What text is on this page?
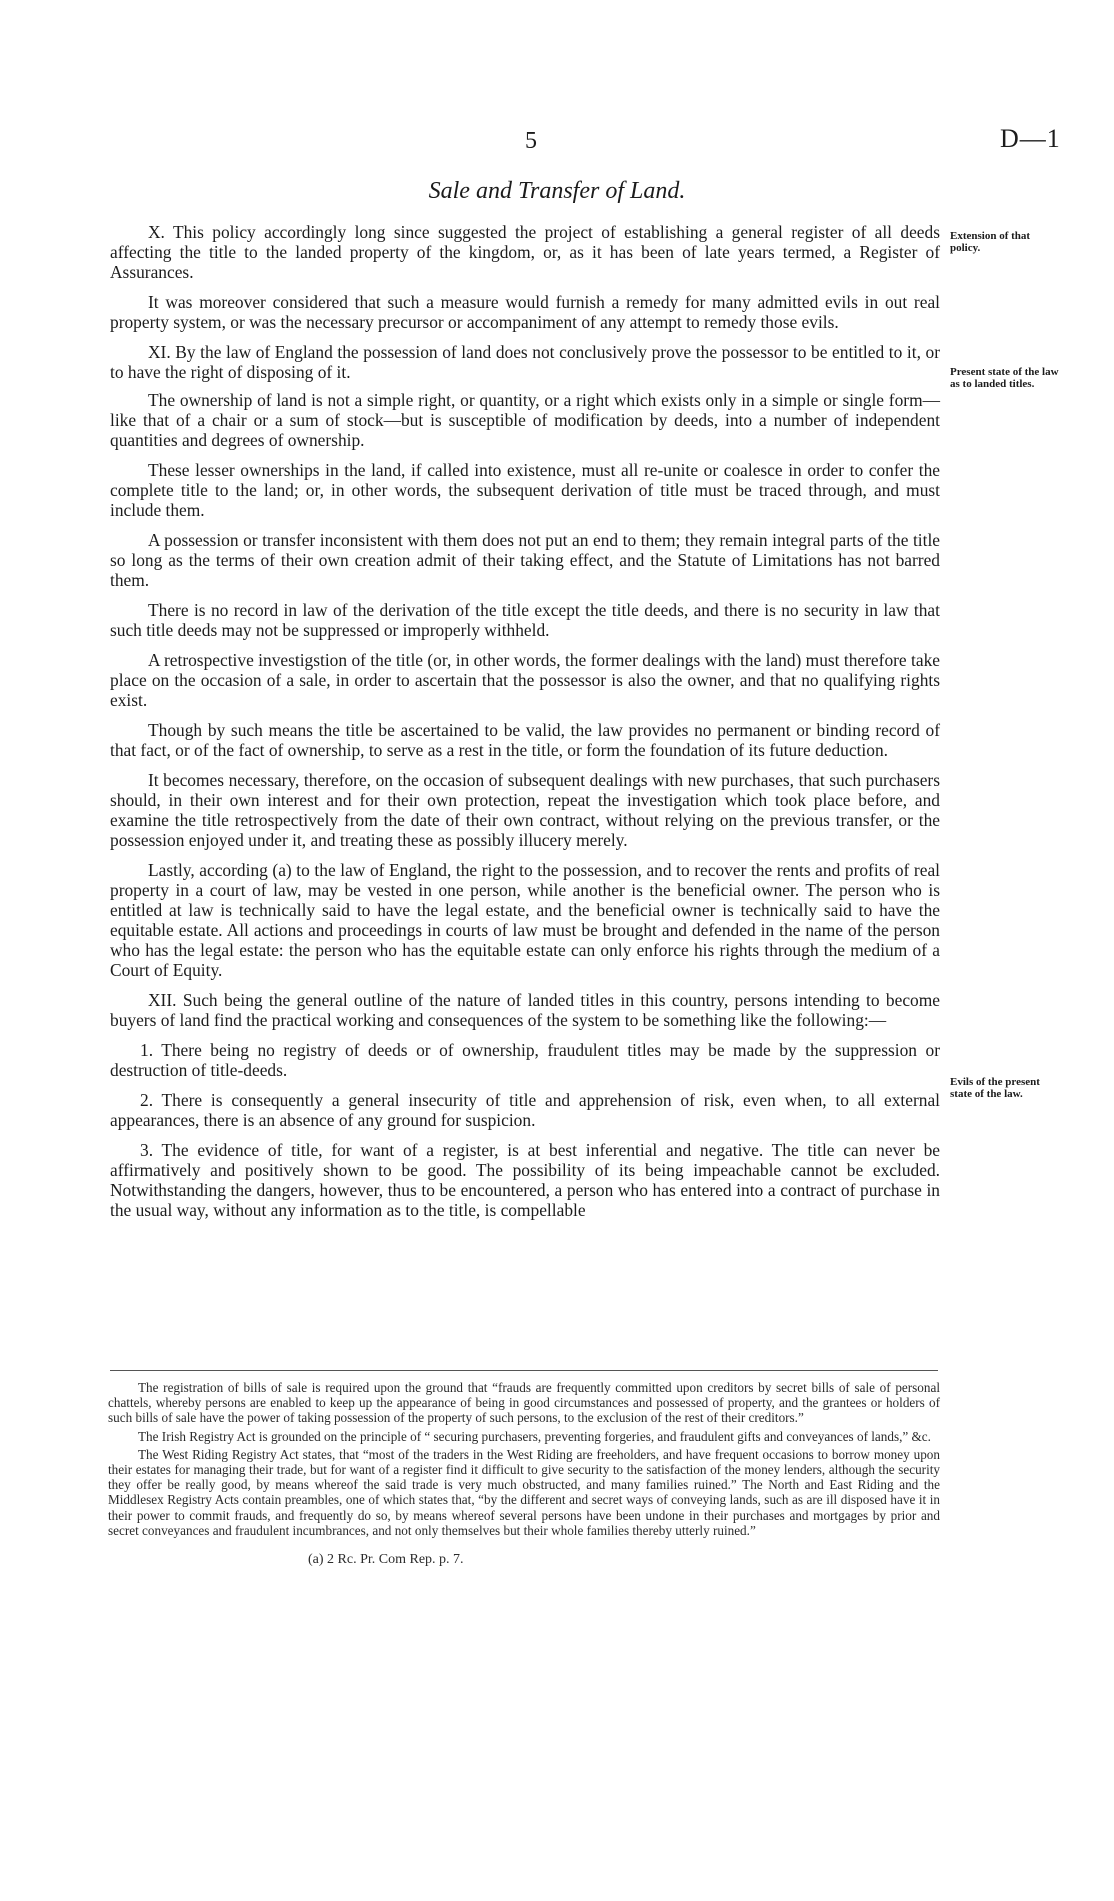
5	D—1
Sale and Transfer of Land.
Extension of that policy.
Present state of the law as to landed titles.
Evils of the present state of the law.

X. This policy accordingly long since suggested the project of establishing a general register of all deeds affecting the title to the landed property of the kingdom, or, as it has been of late years termed, a Register of Assurances.

It was moreover considered that such a measure would furnish a remedy for many admitted evils in out real property system, or was the necessary precursor or accompaniment of any attempt to remedy those evils.

XI. By the law of England the possession of land does not conclusively prove the possessor to be entitled to it, or to have the right of disposing of it.

The ownership of land is not a simple right, or quantity, or a right which exists only in a simple or single form—like that of a chair or a sum of stock—but is susceptible of modification by deeds, into a number of independent quantities and degrees of ownership.

These lesser ownerships in the land, if called into existence, must all re-unite or coalesce in order to confer the complete title to the land; or, in other words, the subsequent derivation of title must be traced through, and must include them.

A possession or transfer inconsistent with them does not put an end to them; they remain integral parts of the title so long as the terms of their own creation admit of their taking effect, and the Statute of Limitations has not barred them.

There is no record in law of the derivation of the title except the title deeds, and there is no security in law that such title deeds may not be suppressed or improperly withheld.

A retrospective investigstion of the title (or, in other words, the former dealings with the land) must therefore take place on the occasion of a sale, in order to ascertain that the possessor is also the owner, and that no qualifying rights exist.

Though by such means the title be ascertained to be valid, the law provides no permanent or binding record of that fact, or of the fact of ownership, to serve as a rest in the title, or form the foundation of its future deduction.

It becomes necessary, therefore, on the occasion of subsequent dealings with new purchases, that such purchasers should, in their own interest and for their own protection, repeat the investigation which took place before, and examine the title retrospectively from the date of their own contract, without relying on the previous transfer, or the possession enjoyed under it, and treating these as possibly illucery merely.

Lastly, according (a) to the law of England, the right to the possession, and to recover the rents and profits of real property in a court of law, may be vested in one person, while another is the beneficial owner. The person who is entitled at law is technically said to have the legal estate, and the beneficial owner is technically said to have the equitable estate. All actions and proceedings in courts of law must be brought and defended in the name of the person who has the legal estate: the person who has the equitable estate can only enforce his rights through the medium of a Court of Equity.

XII. Such being the general outline of the nature of landed titles in this country, persons intending to become buyers of land find the practical working and consequences of the system to be something like the following:—

1. There being no registry of deeds or of ownership, fraudulent titles may be made by the suppression or destruction of title-deeds.

2. There is consequently a general insecurity of title and apprehension of risk, even when, to all external appearances, there is an absence of any ground for suspicion.

3. The evidence of title, for want of a register, is at best inferential and negative. The title can never be affirmatively and positively shown to be good. The possibility of its being impeachable cannot be excluded. Notwithstanding the dangers, however, thus to be encountered, a person who has entered into a contract of purchase in the usual way, without any information as to the title, is compellable

The registration of bills of sale is required upon the ground that “frauds are frequently committed upon creditors by secret bills of sale of personal chattels, whereby persons are enabled to keep up the appearance of being in good circumstances and possessed of property, and the grantees or holders of such bills of sale have the power of taking possession of the property of such persons, to the exclusion of the rest of their creditors.”

The Irish Registry Act is grounded on the principle of “ securing purchasers, preventing forgeries, and fraudulent gifts and conveyances of lands,” &c.

The West Riding Registry Act states, that “most of the traders in the West Riding are freeholders, and have frequent occasions to borrow money upon their estates for managing their trade, but for want of a register find it difficult to give security to the satisfaction of the money lenders, although the security they offer be really good, by means whereof the said trade is very much obstructed, and many families ruined.” The North and East Riding and the Middlesex Registry Acts contain preambles, one of which states that, “by the different and secret ways of conveying lands, such as are ill disposed have it in their power to commit frauds, and frequently do so, by means whereof several persons have been undone in their purchases and mortgages by prior and secret conveyances and fraudulent incumbrances, and not only themselves but their whole families thereby utterly ruined.”

(a) 2 Rc. Pr. Com Rep. p. 7.
